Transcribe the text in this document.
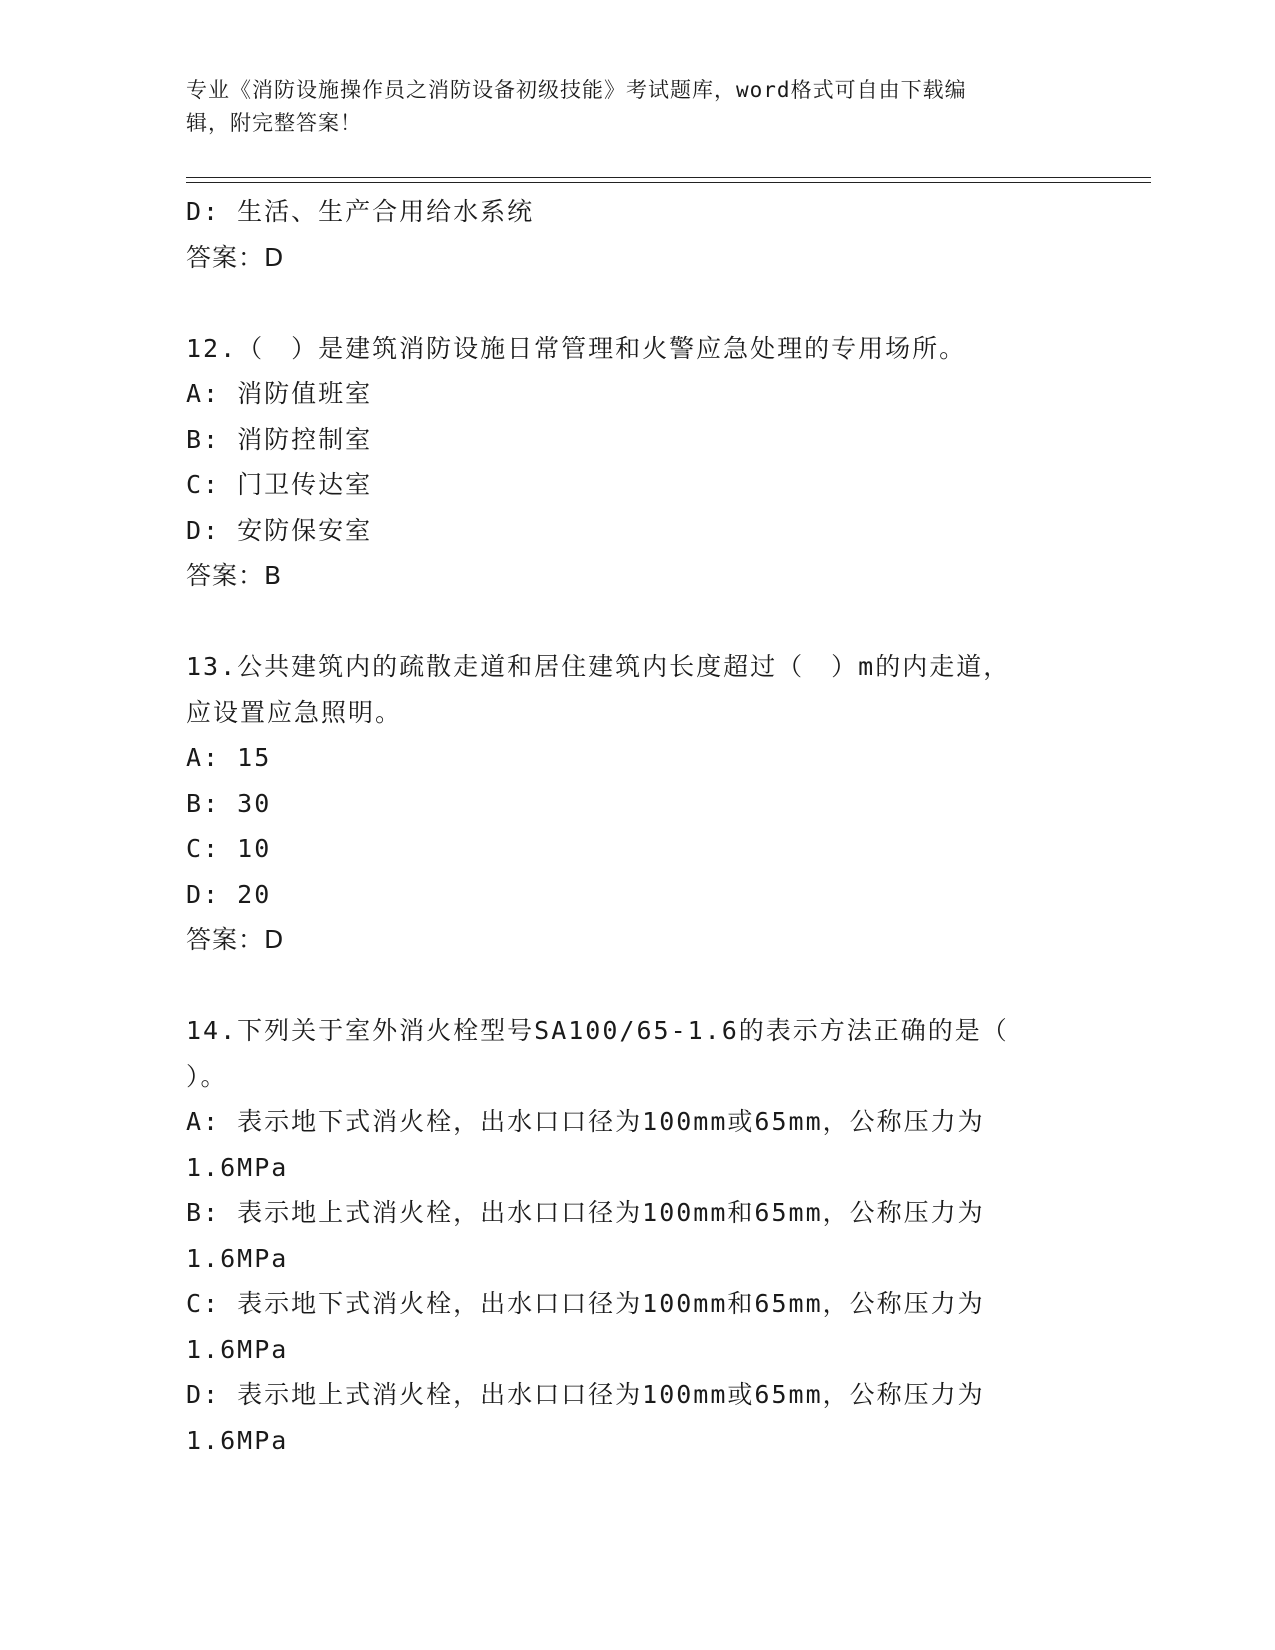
专业《消防设施操作员之消防设备初级技能》考试题库，word格式可自由下载编
辑，附完整答案！
D: 生活、生产合用给水系统
答案：D
12.（　）是建筑消防设施日常管理和火警应急处理的专用场所。
A: 消防值班室
B: 消防控制室
C: 门卫传达室
D: 安防保安室
答案：B
13.公共建筑内的疏散走道和居住建筑内长度超过（　）m的内走道，
应设置应急照明。
A: 15
B: 30
C: 10
D: 20
答案：D
14.下列关于室外消火栓型号SA100/65-1.6的表示方法正确的是（
）。
A: 表示地下式消火栓，出水口口径为100mm或65mm，公称压力为
1.6MPa
B: 表示地上式消火栓，出水口口径为100mm和65mm，公称压力为
1.6MPa
C: 表示地下式消火栓，出水口口径为100mm和65mm，公称压力为
1.6MPa
D: 表示地上式消火栓，出水口口径为100mm或65mm，公称压力为
1.6MPa
